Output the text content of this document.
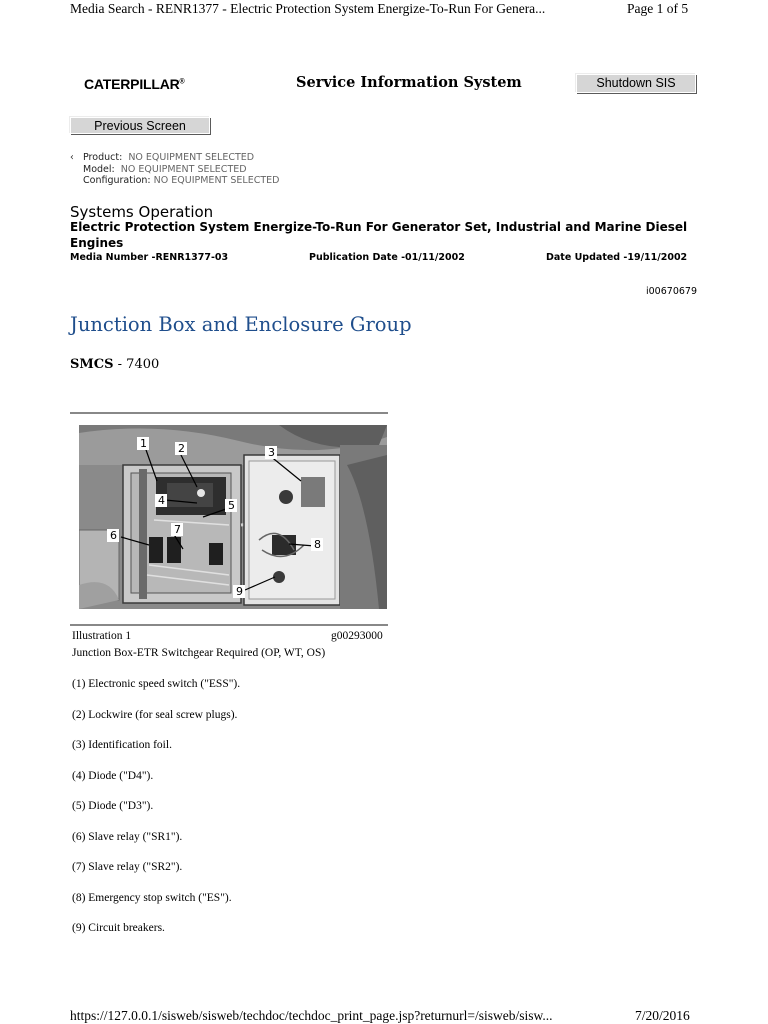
Media Search - RENR1377 - Electric Protection System Energize-To-Run For Genera...	Page 1 of 5
CATERPILLAR®	Service Information System	Shutdown SIS
Previous Screen
‹ Product: NO EQUIPMENT SELECTED
Model: NO EQUIPMENT SELECTED
Configuration: NO EQUIPMENT SELECTED
Systems Operation
Electric Protection System Energize-To-Run For Generator Set, Industrial and Marine Diesel Engines
Media Number -RENR1377-03	Publication Date -01/11/2002	Date Updated -19/11/2002
i00670679
Junction Box and Enclosure Group
SMCS - 7400
1	2	3
4	5
6	7
8
9
Illustration 1	g00293000
Junction Box-ETR Switchgear Required (OP, WT, OS)
(1) Electronic speed switch ("ESS").
(2) Lockwire (for seal screw plugs).
(3) Identification foil.
(4) Diode ("D4").
(5) Diode ("D3").
(6) Slave relay ("SR1").
(7) Slave relay ("SR2").
(8) Emergency stop switch ("ES").
(9) Circuit breakers.
https://127.0.0.1/sisweb/sisweb/techdoc/techdoc_print_page.jsp?returnurl=/sisweb/sisw...	7/20/2016
